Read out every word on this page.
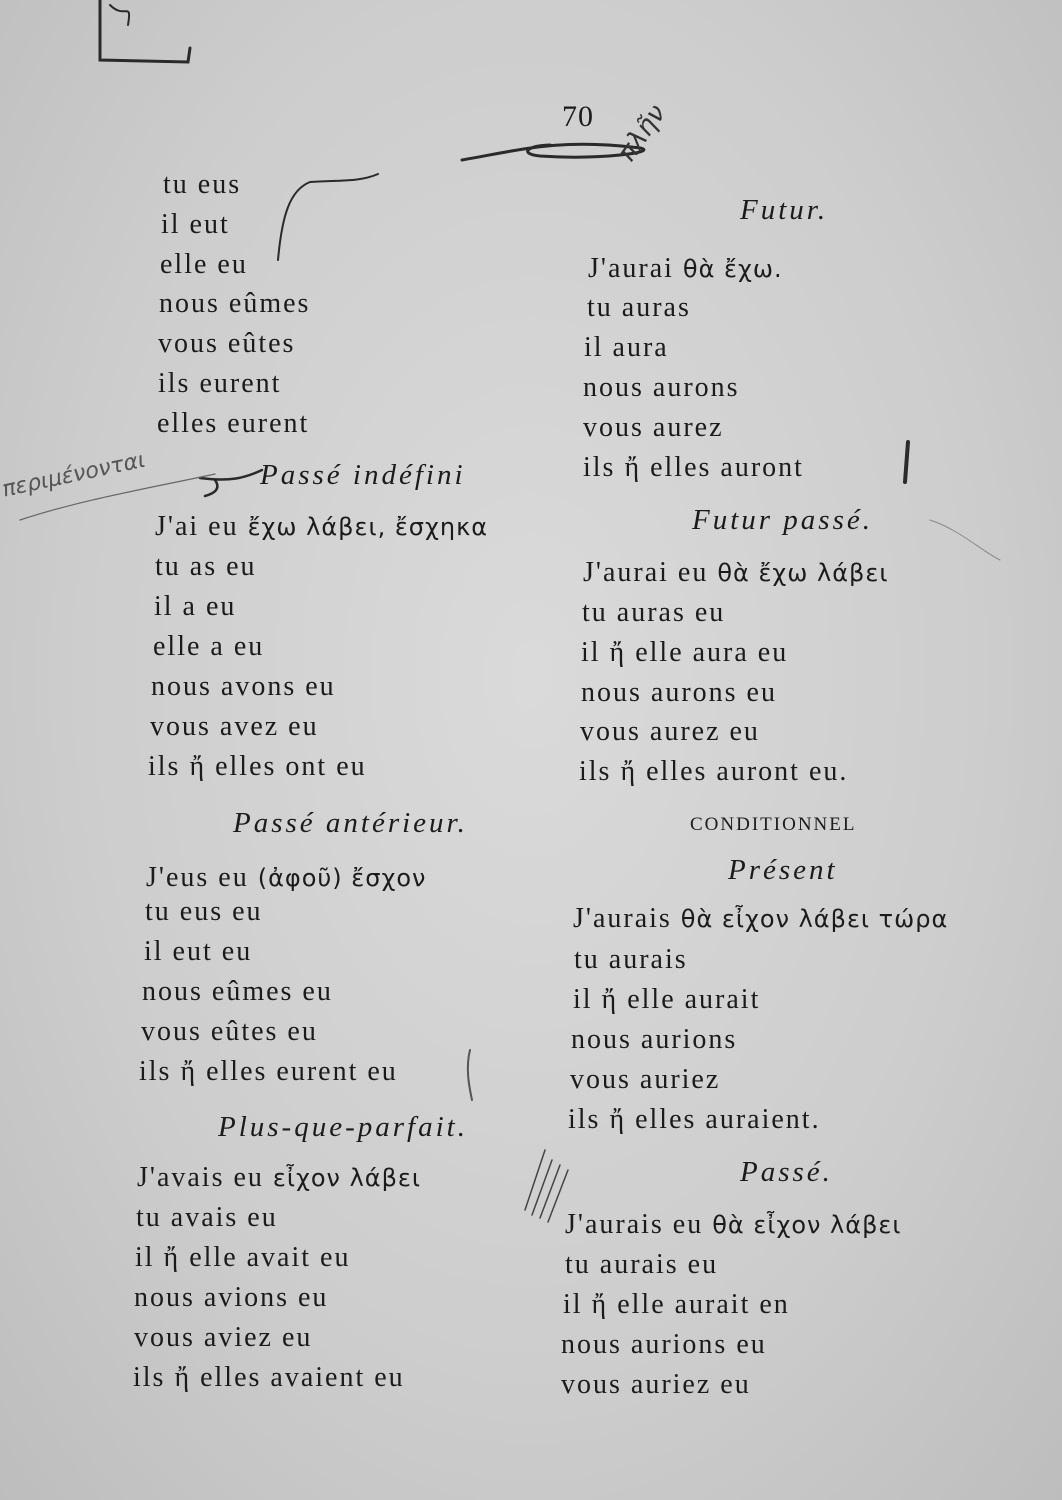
70 πλῆν
περιμένονται
tu eus
il eut
elle eu
nous eûmes
vous eûtes
ils eurent
elles eurent
Passé indéfini
J'ai eu ἔχω λάβει, ἔσχηκα
tu as eu
il a eu
elle a eu
nous avons eu
vous avez eu
ils ἤ elles ont eu
Passé antérieur.
J'eus eu (ἀφοῦ) ἔσχον
tu eus eu
il eut eu
nous eûmes eu
vous eûtes eu
ils ἤ elles eurent eu
Plus-que-parfait.
J'avais eu εἶχον λάβει
tu avais eu
il ἤ elle avait eu
nous avions eu
vous aviez eu
ils ἤ elles avaient eu
Futur.
J'aurai θὰ ἔχω.
tu auras
il aura
nous aurons
vous aurez
ils ἤ elles auront
Futur passé.
J'aurai eu θὰ ἔχω λάβει
tu auras eu
il ἤ elle aura eu
nous aurons eu
vous aurez eu
ils ἤ elles auront eu.
CONDITIONNEL
Présent
J'aurais θὰ εἶχον λάβει τώρα
tu aurais
il ἤ elle aurait
nous aurions
vous auriez
ils ἤ elles auraient.
Passé.
J'aurais eu θὰ εἶχον λάβει
tu aurais eu
il ἤ elle aurait en
nous aurions eu
vous auriez eu
